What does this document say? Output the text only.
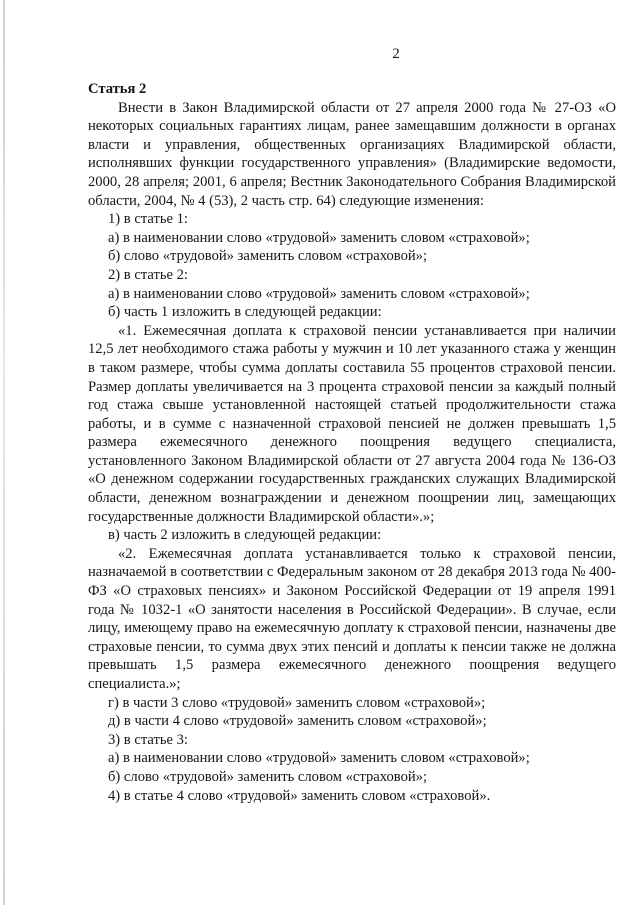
2

Статья 2

Внести в Закон Владимирской области от 27 апреля 2000 года № 27-ОЗ «О некоторых социальных гарантиях лицам, ранее замещавшим должности в органах власти и управления, общественных организациях Владимирской области, исполнявших функции государственного управления» (Владимирские ведомости, 2000, 28 апреля; 2001, 6 апреля; Вестник Законодательного Собрания Владимирской области, 2004, № 4 (53), 2 часть стр. 64) следующие изменения:

1) в статье 1:

а) в наименовании слово «трудовой» заменить словом «страховой»;

б) слово «трудовой» заменить словом «страховой»;

2) в статье 2:

а) в наименовании слово «трудовой» заменить словом «страховой»;

б) часть 1 изложить в следующей редакции:

«1. Ежемесячная доплата к страховой пенсии устанавливается при наличии 12,5 лет необходимого стажа работы у мужчин и 10 лет указанного стажа у женщин в таком размере, чтобы сумма доплаты составила 55 процентов страховой пенсии. Размер доплаты увеличивается на 3 процента страховой пенсии за каждый полный год стажа свыше установленной настоящей статьей продолжительности стажа работы, и в сумме с назначенной страховой пенсией не должен превышать 1,5 размера ежемесячного денежного поощрения ведущего специалиста, установленного Законом Владимирской области от 27 августа 2004 года № 136-ОЗ «О денежном содержании государственных гражданских служащих Владимирской области, денежном вознаграждении и денежном поощрении лиц, замещающих государственные должности Владимирской области».»;

в) часть 2 изложить в следующей редакции:

«2. Ежемесячная доплата устанавливается только к страховой пенсии, назначаемой в соответствии с Федеральным законом от 28 декабря 2013 года № 400-ФЗ «О страховых пенсиях» и Законом Российской Федерации от 19 апреля 1991 года № 1032-1 «О занятости населения в Российской Федерации». В случае, если лицу, имеющему право на ежемесячную доплату к страховой пенсии, назначены две страховые пенсии, то сумма двух этих пенсий и доплаты к пенсии также не должна превышать 1,5 размера ежемесячного денежного поощрения ведущего специалиста.»;

г) в части 3 слово «трудовой» заменить словом «страховой»;

д) в части 4 слово «трудовой» заменить словом «страховой»;

3) в статье 3:

а) в наименовании слово «трудовой» заменить словом «страховой»;

б) слово «трудовой» заменить словом «страховой»;

4) в статье 4 слово «трудовой» заменить словом «страховой».
